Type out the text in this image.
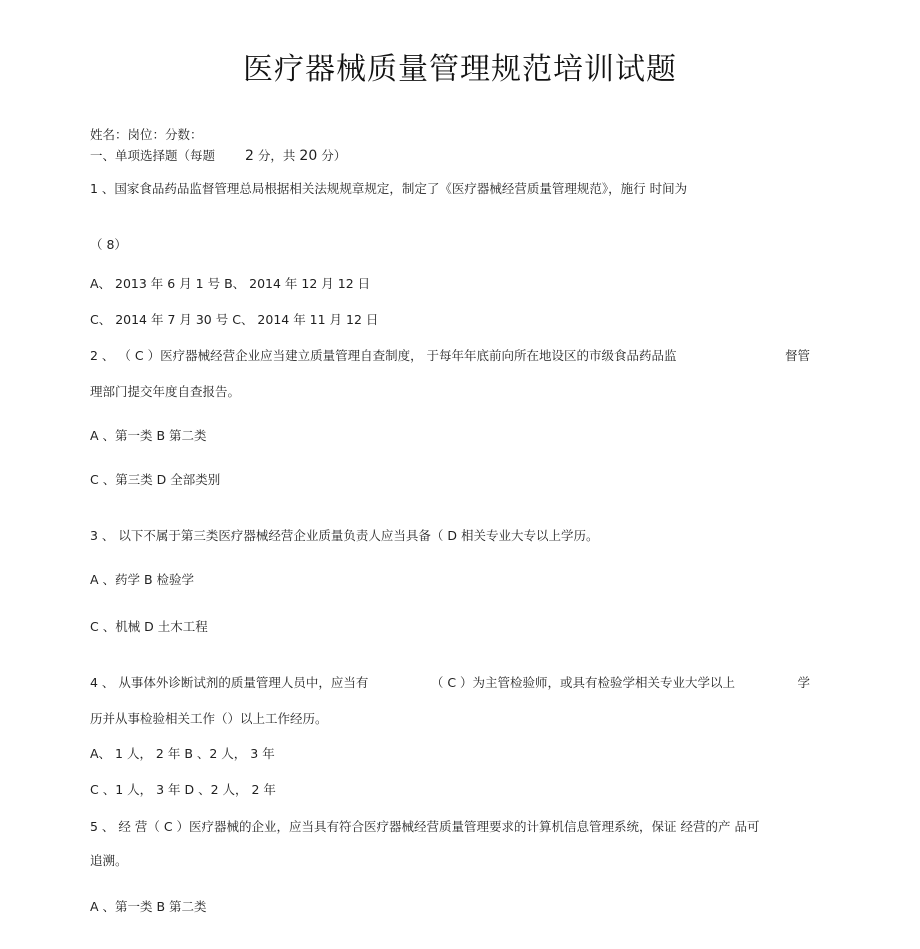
医疗器械质量管理规范培训试题
姓名：岗位：分数：
一、单项选择题（每题 2 分，共 20 分）
1 、国家食品药品监督管理总局根据相关法规规章规定，制定了《医疗器械经营质量管理规范》，施行 时间为
（ 8）
A、 2013 年 6 月 1 号 B、 2014 年 12 月 12 日
C、 2014 年 7 月 30 号 C、 2014 年 11 月 12 日
2 、 （ C ）医疗器械经营企业应当建立质量管理自查制度， 于每年年底前向所在地设区的市级食品药品监	督管
理部门提交年度自查报告。
A 、第一类 B 第二类
C 、第三类 D 全部类别
3 、 以下不属于第三类医疗器械经营企业质量负责人应当具备（ D 相关专业大专以上学历。
A 、药学 B 检验学
C 、机械 D 土木工程
4 、 从事体外诊断试剂的质量管理人员中，应当有	（ C ）为主管检验师，或具有检验学相关专业大学以上	学
历并从事检验相关工作（）以上工作经历。
A、 1 人， 2 年 B 、2 人， 3 年
C 、1 人， 3 年 D 、2 人， 2 年
5 、 经 营（ C ）医疗器械的企业，应当具有符合医疗器械经营质量管理要求的计算机信息管理系统，保证 经营的产 品可
追溯。
A 、第一类 B 第二类
